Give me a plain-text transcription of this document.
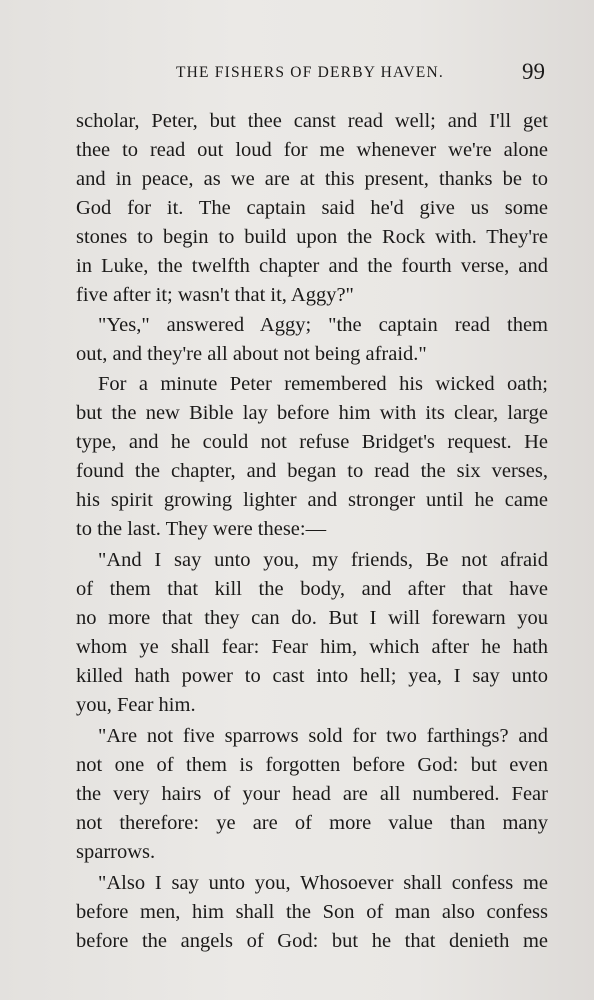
THE FISHERS OF DERBY HAVEN.	99
scholar, Peter, but thee canst read well; and I'll get
thee to read out loud for me whenever we're alone
and in peace, as we are at this present, thanks be to
God for it. The captain said he'd give us some
stones to begin to build upon the Rock with. They're
in Luke, the twelfth chapter and the fourth verse, and
five after it; wasn't that it, Aggy?"
"Yes," answered Aggy; "the captain read them
out, and they're all about not being afraid."
For a minute Peter remembered his wicked oath;
but the new Bible lay before him with its clear, large
type, and he could not refuse Bridget's request. He
found the chapter, and began to read the six verses,
his spirit growing lighter and stronger until he came
to the last. They were these:—
"And I say unto you, my friends, Be not afraid
of them that kill the body, and after that have
no more that they can do. But I will forewarn you
whom ye shall fear: Fear him, which after he hath
killed hath power to cast into hell; yea, I say unto
you, Fear him.
"Are not five sparrows sold for two farthings? and
not one of them is forgotten before God: but even
the very hairs of your head are all numbered. Fear
not therefore: ye are of more value than many
sparrows.
"Also I say unto you, Whosoever shall confess me
before men, him shall the Son of man also confess
before the angels of God: but he that denieth me
